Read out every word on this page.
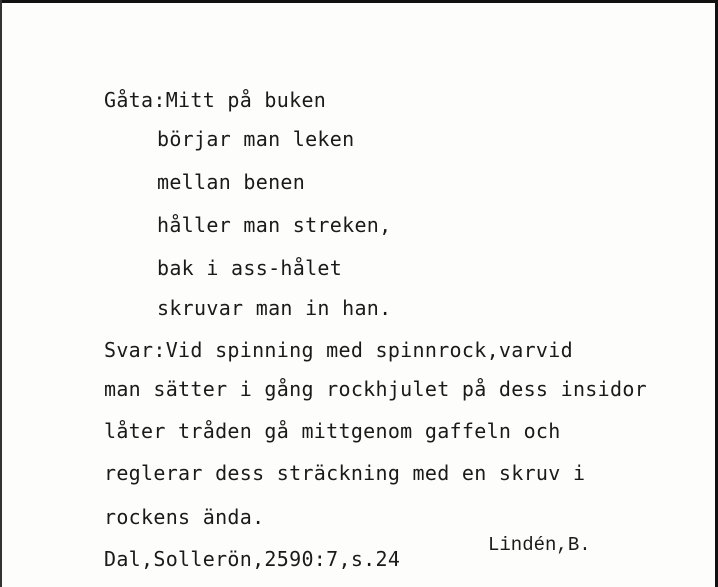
Gåta:Mitt på buken
börjar man leken
mellan benen
håller man streken,
bak i ass-hålet
skruvar man in han.
Svar:Vid spinning med spinnrock,varvid
man sätter i gång rockhjulet på dess insidor
låter tråden gå mittgenom gaffeln och
reglerar dess sträckning med en skruv i
rockens ända.
Dal,Sollerön,2590:7,s.24
Lindén,B.
